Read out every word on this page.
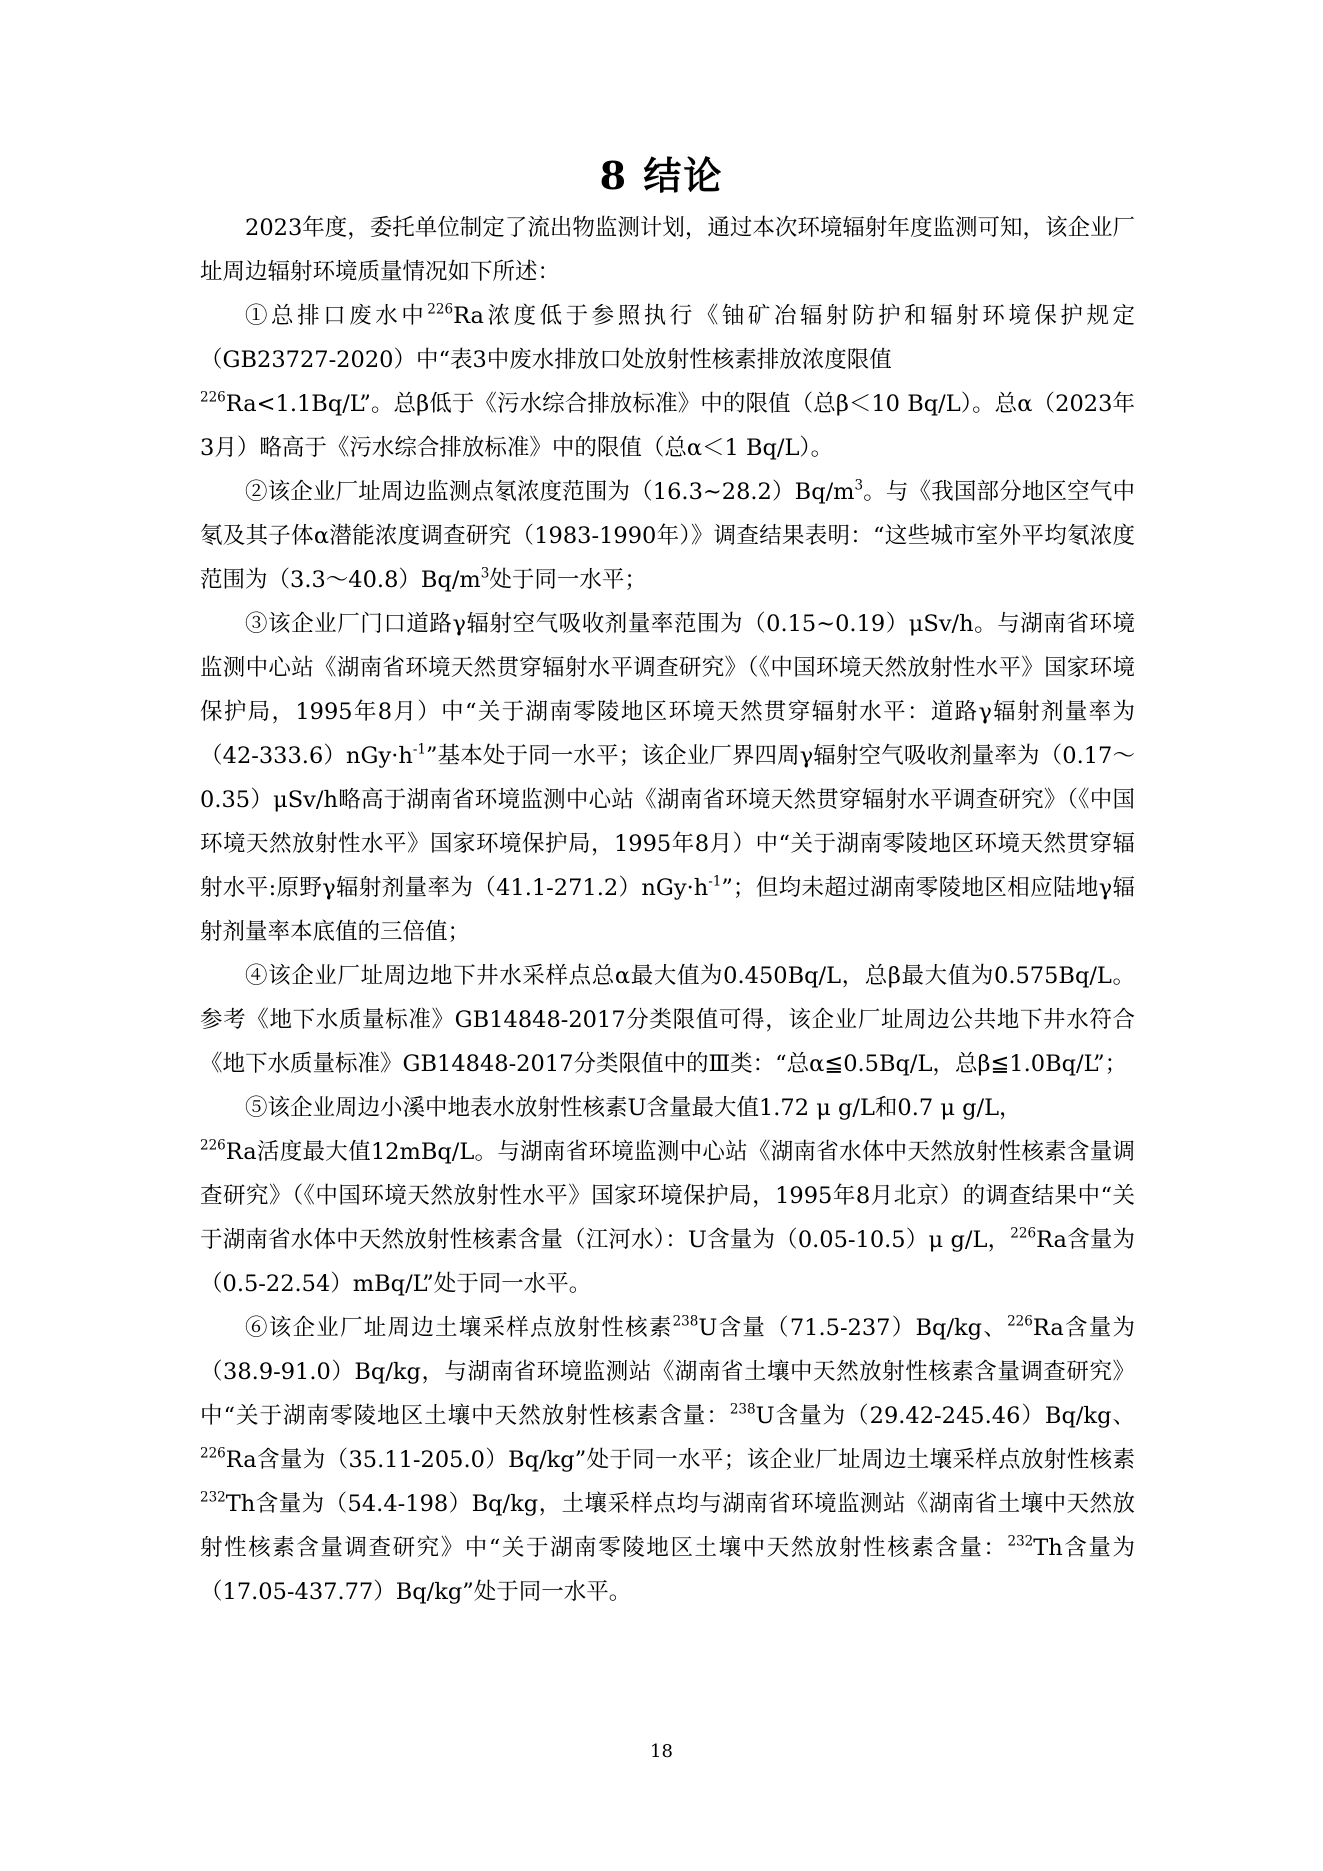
8 结论

2023年度，委托单位制定了流出物监测计划，通过本次环境辐射年度监测可知，该企业厂址周边辐射环境质量情况如下所述：

①总排口废水中$^{226}$Ra浓度低于参照执行《铀矿冶辐射防护和辐射环境保护规定（GB23727-2020）中“表3中废水排放口处放射性核素排放浓度限值
$^{226}$Ra<1.1Bq/L”。总β低于《污水综合排放标准》中的限值（总β＜10 Bq/L）。总α（2023年3月）略高于《污水综合排放标准》中的限值（总α＜1 Bq/L）。

②该企业厂址周边监测点氡浓度范围为$(16.3\sim 28.2)Bq/m^3$。与《我国部分地区空气中氡及其子体α潜能浓度调查研究（1983-1990年）》调查结果表明：“这些城市室外平均氡浓度范围为$(3.3\sim 40.8)Bq/m^3$处于同一水平；

③该企业厂门口道路γ辐射空气吸收剂量率范围为（0.15~0.19）μSv/h。与湖南省环境监测中心站《湖南省环境天然贯穿辐射水平调查研究》（《中国环境天然放射性水平》国家环境保护局，1995年8月）中“关于湖南零陵地区环境天然贯穿辐射水平：道路γ辐射剂量率为$(42-333.6)nGy\cdot h^{-1}$”基本处于同一水平；该企业厂界四周γ辐射空气吸收剂量率为（0.17～0.35）μSv/h略高于湖南省环境监测中心站《湖南省环境天然贯穿辐射水平调查研究》（《中国环境天然放射性水平》国家环境保护局，1995年8月）中“关于湖南零陵地区环境天然贯穿辐射水平:原野γ辐射剂量率为$(41.1-271.2)nGy\cdot h^{-1}$”；但均未超过湖南零陵地区相应陆地γ辐射剂量率本底值的三倍值；

④该企业厂址周边地下井水采样点总α最大值为0.450Bq/L，总β最大值为0.575Bq/L。参考《地下水质量标准》GB14848-2017分类限值可得，该企业厂址周边公共地下井水符合《地下水质量标准》GB14848-2017分类限值中的Ⅲ类：“总α≦0.5Bq/L，总β≦1.0Bq/L”；

⑤该企业周边小溪中地表水放射性核素U含量最大值1.72 μ g/L和0.7 μ g/L，
$^{226}$Ra活度最大值12mBq/L。与湖南省环境监测中心站《湖南省水体中天然放射性核素含量调查研究》（《中国环境天然放射性水平》国家环境保护局，1995年8月北京）的调查结果中“关于湖南省水体中天然放射性核素含量（江河水）：U含量为（0.05-10.5）μ g/L，$^{226}$Ra含量为（0.5-22.54）mBq/L”处于同一水平。

⑥该企业厂址周边土壤采样点放射性核素$^{238}$U含量（71.5-237）Bq/kg、$^{226}$Ra含量为（38.9-91.0）Bq/kg，与湖南省环境监测站《湖南省土壤中天然放射性核素含量调查研究》中“关于湖南零陵地区土壤中天然放射性核素含量：$^{238}$U含量为（29.42-245.46）Bq/kg、$^{226}$Ra含量为（35.11-205.0）Bq/kg”处于同一水平；该企业厂址周边土壤采样点放射性核素$^{232}$Th含量为（54.4-198）Bq/kg，土壤采样点均与湖南省环境监测站《湖南省土壤中天然放射性核素含量调查研究》中“关于湖南零陵地区土壤中天然放射性核素含量：$^{232}$Th含量为（17.05-437.77）Bq/kg”处于同一水平。

18
